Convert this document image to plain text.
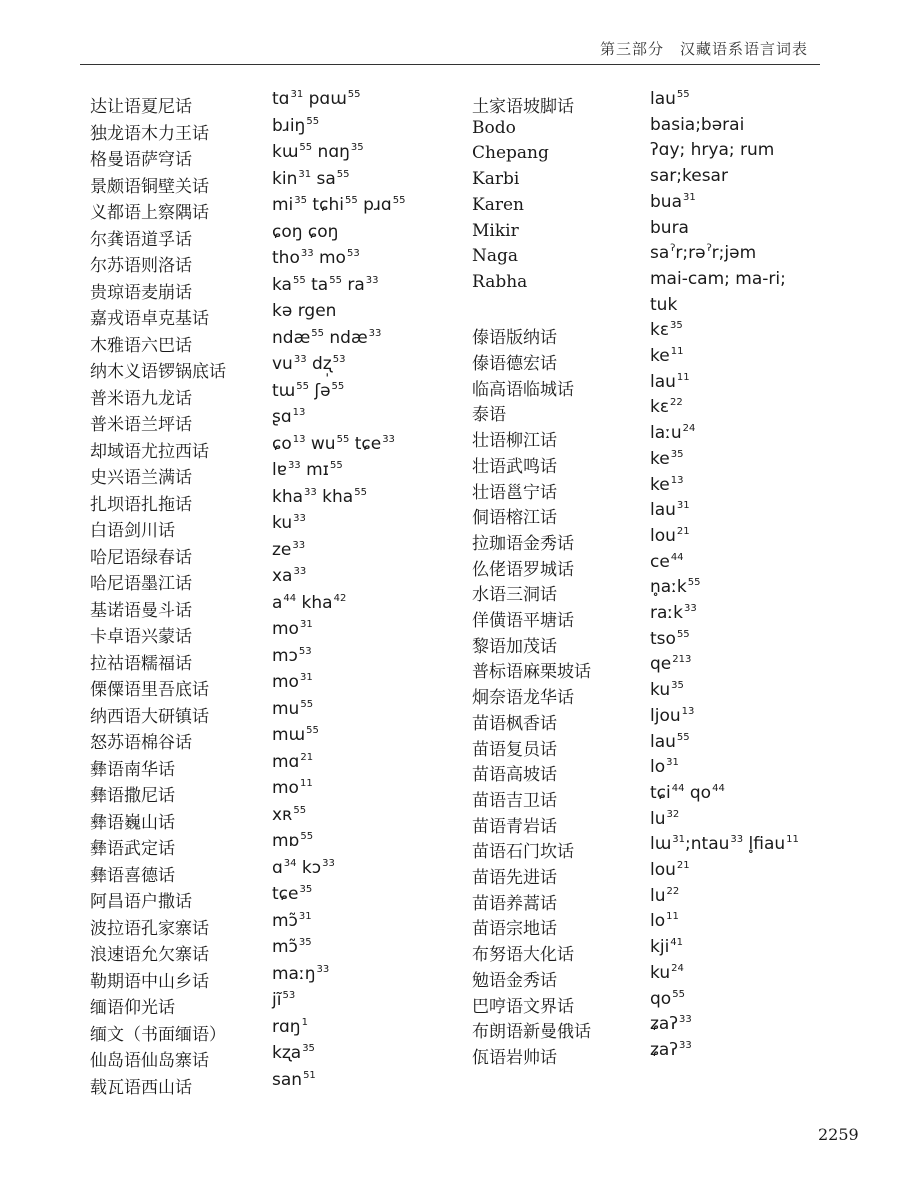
第三部分　汉藏语系语言词表
达让语夏尼话	tɑ$^{31}$ pɑɯ$^{55}$
独龙语木力王话	bɹiŋ$^{55}$
格曼语萨穹话	kɯ$^{55}$ nɑŋ$^{35}$
景颇语铜壁关话	kin$^{31}$ $sa^{55}$
义都语上察隅话	$mi^{35}$ tɕhi$^{55}$ pɹɑ$^{55}$
尔龚语道孚话	ɕoŋ ɕoŋ
尔苏语则洛话	tho$^{33}$ $mo^{53}$
贵琼语麦崩话	$ka^{55}$ $ta^{55}$ $ra^{33}$
嘉戎语卓克基话	kə rgen
木雅语六巴话	ndæ$^{55}$ ndæ$^{33}$
纳木义语锣锅底话	$vu^{33}$ dʐ̩$^{53}$
普米语九龙话	tɯ$^{55}$ ʃə$^{55}$
普米语兰坪话	ʂɑ$^{13}$
却域语尤拉西话	ɕo$^{13}$ $wu^{55}$ tɕe$^{33}$
史兴语兰满话	lɐ$^{33}$ mɪ$^{55}$
扎坝语扎拖话	kha$^{33}$ kha$^{55}$
白语剑川话	$ku^{33}$
哈尼语绿春话	$ze^{33}$
哈尼语墨江话	$xa^{33}$
基诺语曼斗话	$a^{44}$ kha$^{42}$
卡卓语兴蒙话	$mo^{31}$
拉祜语糯福话	mɔ$^{53}$
傈僳语里吾底话	$mo^{31}$
纳西语大研镇话	$mu^{55}$
怒苏语棉谷话	mɯ$^{55}$
彝语南华话	mɑ$^{21}$
彝语撒尼话	$mo^{11}$
彝语巍山话	xʀ$^{55}$
彝语武定话	mɒ$^{55}$
彝语喜德话	ɑ$^{34}$ kɔ$^{33}$
阿昌语户撒话	tɕe$^{35}$
波拉语孔家寨话	mɔ̃$^{31}$
浪速语允欠寨话	mɔ̃$^{35}$
勒期语中山乡话	maːŋ$^{33}$
缅语仰光话	$jĩ^{53}$
缅文（书面缅语）	rɑŋ$^1$
仙岛语仙岛寨话	kʐa$^{35}$
载瓦语西山话	san$^{51}$
土家语坡脚话	lau$^{55}$
Bodo	basia;bərai
Chepang	ʔɑy; hrya; rum
Karbi	sar;kesar
Karen	bua$^{31}$
Mikir	bura
Naga	$sa^ʔr;rə^ʔr;jəm$
Rabha	mai-cam; ma-ri;
tuk
傣语版纳话	kɛ$^{35}$
傣语德宏话	$ke^{11}$
临高语临城话	lau$^{11}$
泰语	kɛ$^{22}$
壮语柳江话	laːu$^{24}$
壮语武鸣话	$ke^{35}$
壮语邕宁话	$ke^{13}$
侗语榕江话	lau$^{31}$
拉珈语金秀话	lou$^{21}$
仫佬语罗城话	$ce^{44}$
水语三洞话	n̥aːk$^{55}$
佯僙语平塘话	raːk$^{33}$
黎语加茂话	tso$^{55}$
普标语麻栗坡话	$qe^{213}$
炯奈语龙华话	$ku^{35}$
苗语枫香话	ljou$^{13}$
苗语复员话	lau$^{55}$
苗语高坡话	$lo^{31}$
苗语吉卫话	tɕi$^{44}$ $qo^{44}$
苗语青岩话	$lu^{32}$
苗语石门坎话	lɯ$^{31}$;ntau$^{33}$ l̥fiau$^{11}$
苗语先进话	lou$^{21}$
苗语养蒿话	$lu^{22}$
苗语宗地话	$lo^{11}$
布努语大化话	kji$^{41}$
勉语金秀话	$ku^{24}$
巴哼语文界话	$qo^{55}$
布朗语新曼俄话	ʑaʔ$^{33}$
佤语岩帅话	ʑaʔ$^{33}$
2259
